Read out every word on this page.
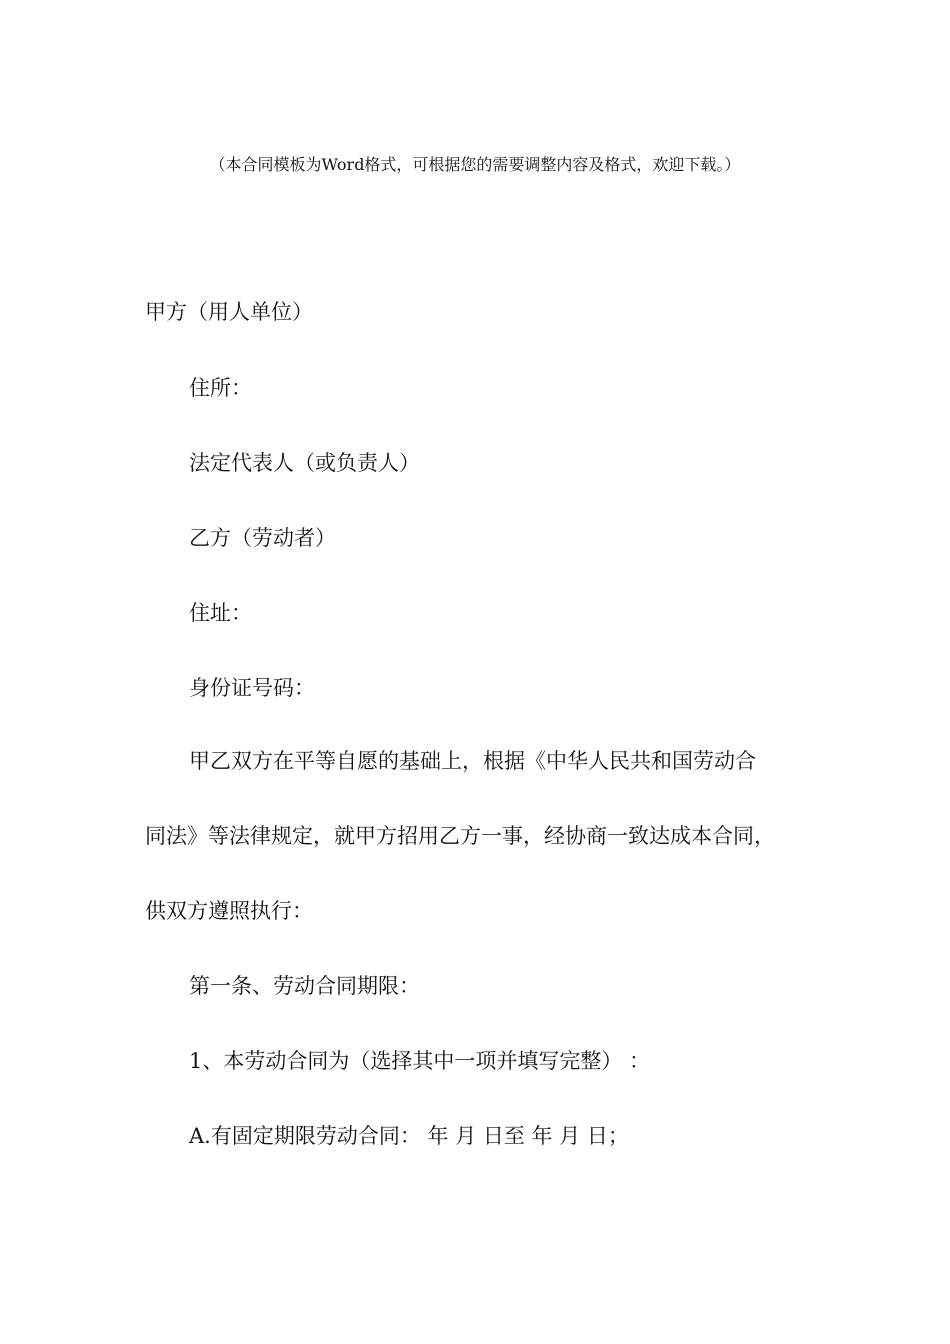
（本合同模板为Word格式，可根据您的需要调整内容及格式，欢迎下载。）
甲方（用人单位）
住所：
法定代表人（或负责人）
乙方（劳动者）
住址：
身份证号码：
甲乙双方在平等自愿的基础上，根据《中华人民共和国劳动合
同法》等法律规定，就甲方招用乙方一事，经协商一致达成本合同，
供双方遵照执行：
第一条、劳动合同期限：
1、本劳动合同为（选择其中一项并填写完整） ：
A.有固定期限劳动合同： 年 月 日至 年 月 日；
